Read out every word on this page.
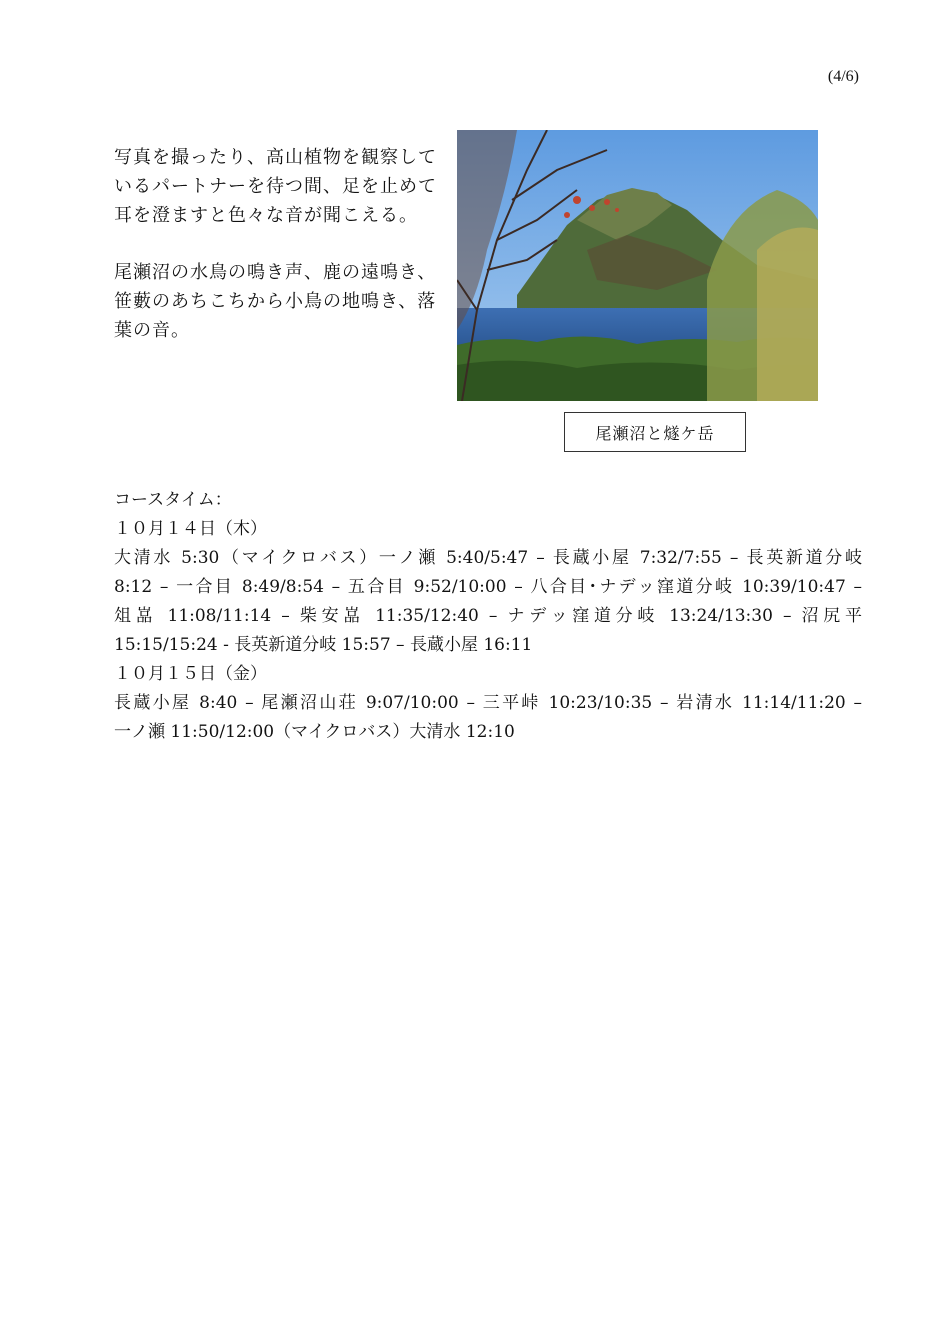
(4/6)

写真を撮ったり、高山植物を観察しているパートナーを待つ間、足を止めて耳を澄ますと色々な音が聞こえる。

尾瀬沼の水鳥の鳴き声、鹿の遠鳴き、笹藪のあちこちから小鳥の地鳴き、落葉の音。

尾瀬沼と燧ケ岳
コースタイム：
１０月１４日（木）
大清水 5:30（マイクロバス）一ノ瀬 5:40/5:47 – 長蔵小屋 7:32/7:55 – 長英新道分岐
8:12 – 一合目 8:49/8:54 – 五合目 9:52/10:00 – 八合目･ナデッ窪道分岐 10:39/10:47 –
俎嵓 11:08/11:14 – 柴安嵓 11:35/12:40 – ナデッ窪道分岐 13:24/13:30 – 沼尻平
15:15/15:24 - 長英新道分岐 15:57 – 長蔵小屋 16:11
１０月１５日（金）
長蔵小屋 8:40 – 尾瀬沼山荘 9:07/10:00 – 三平峠 10:23/10:35 – 岩清水 11:14/11:20 –
一ノ瀬 11:50/12:00（マイクロバス）大清水 12:10
